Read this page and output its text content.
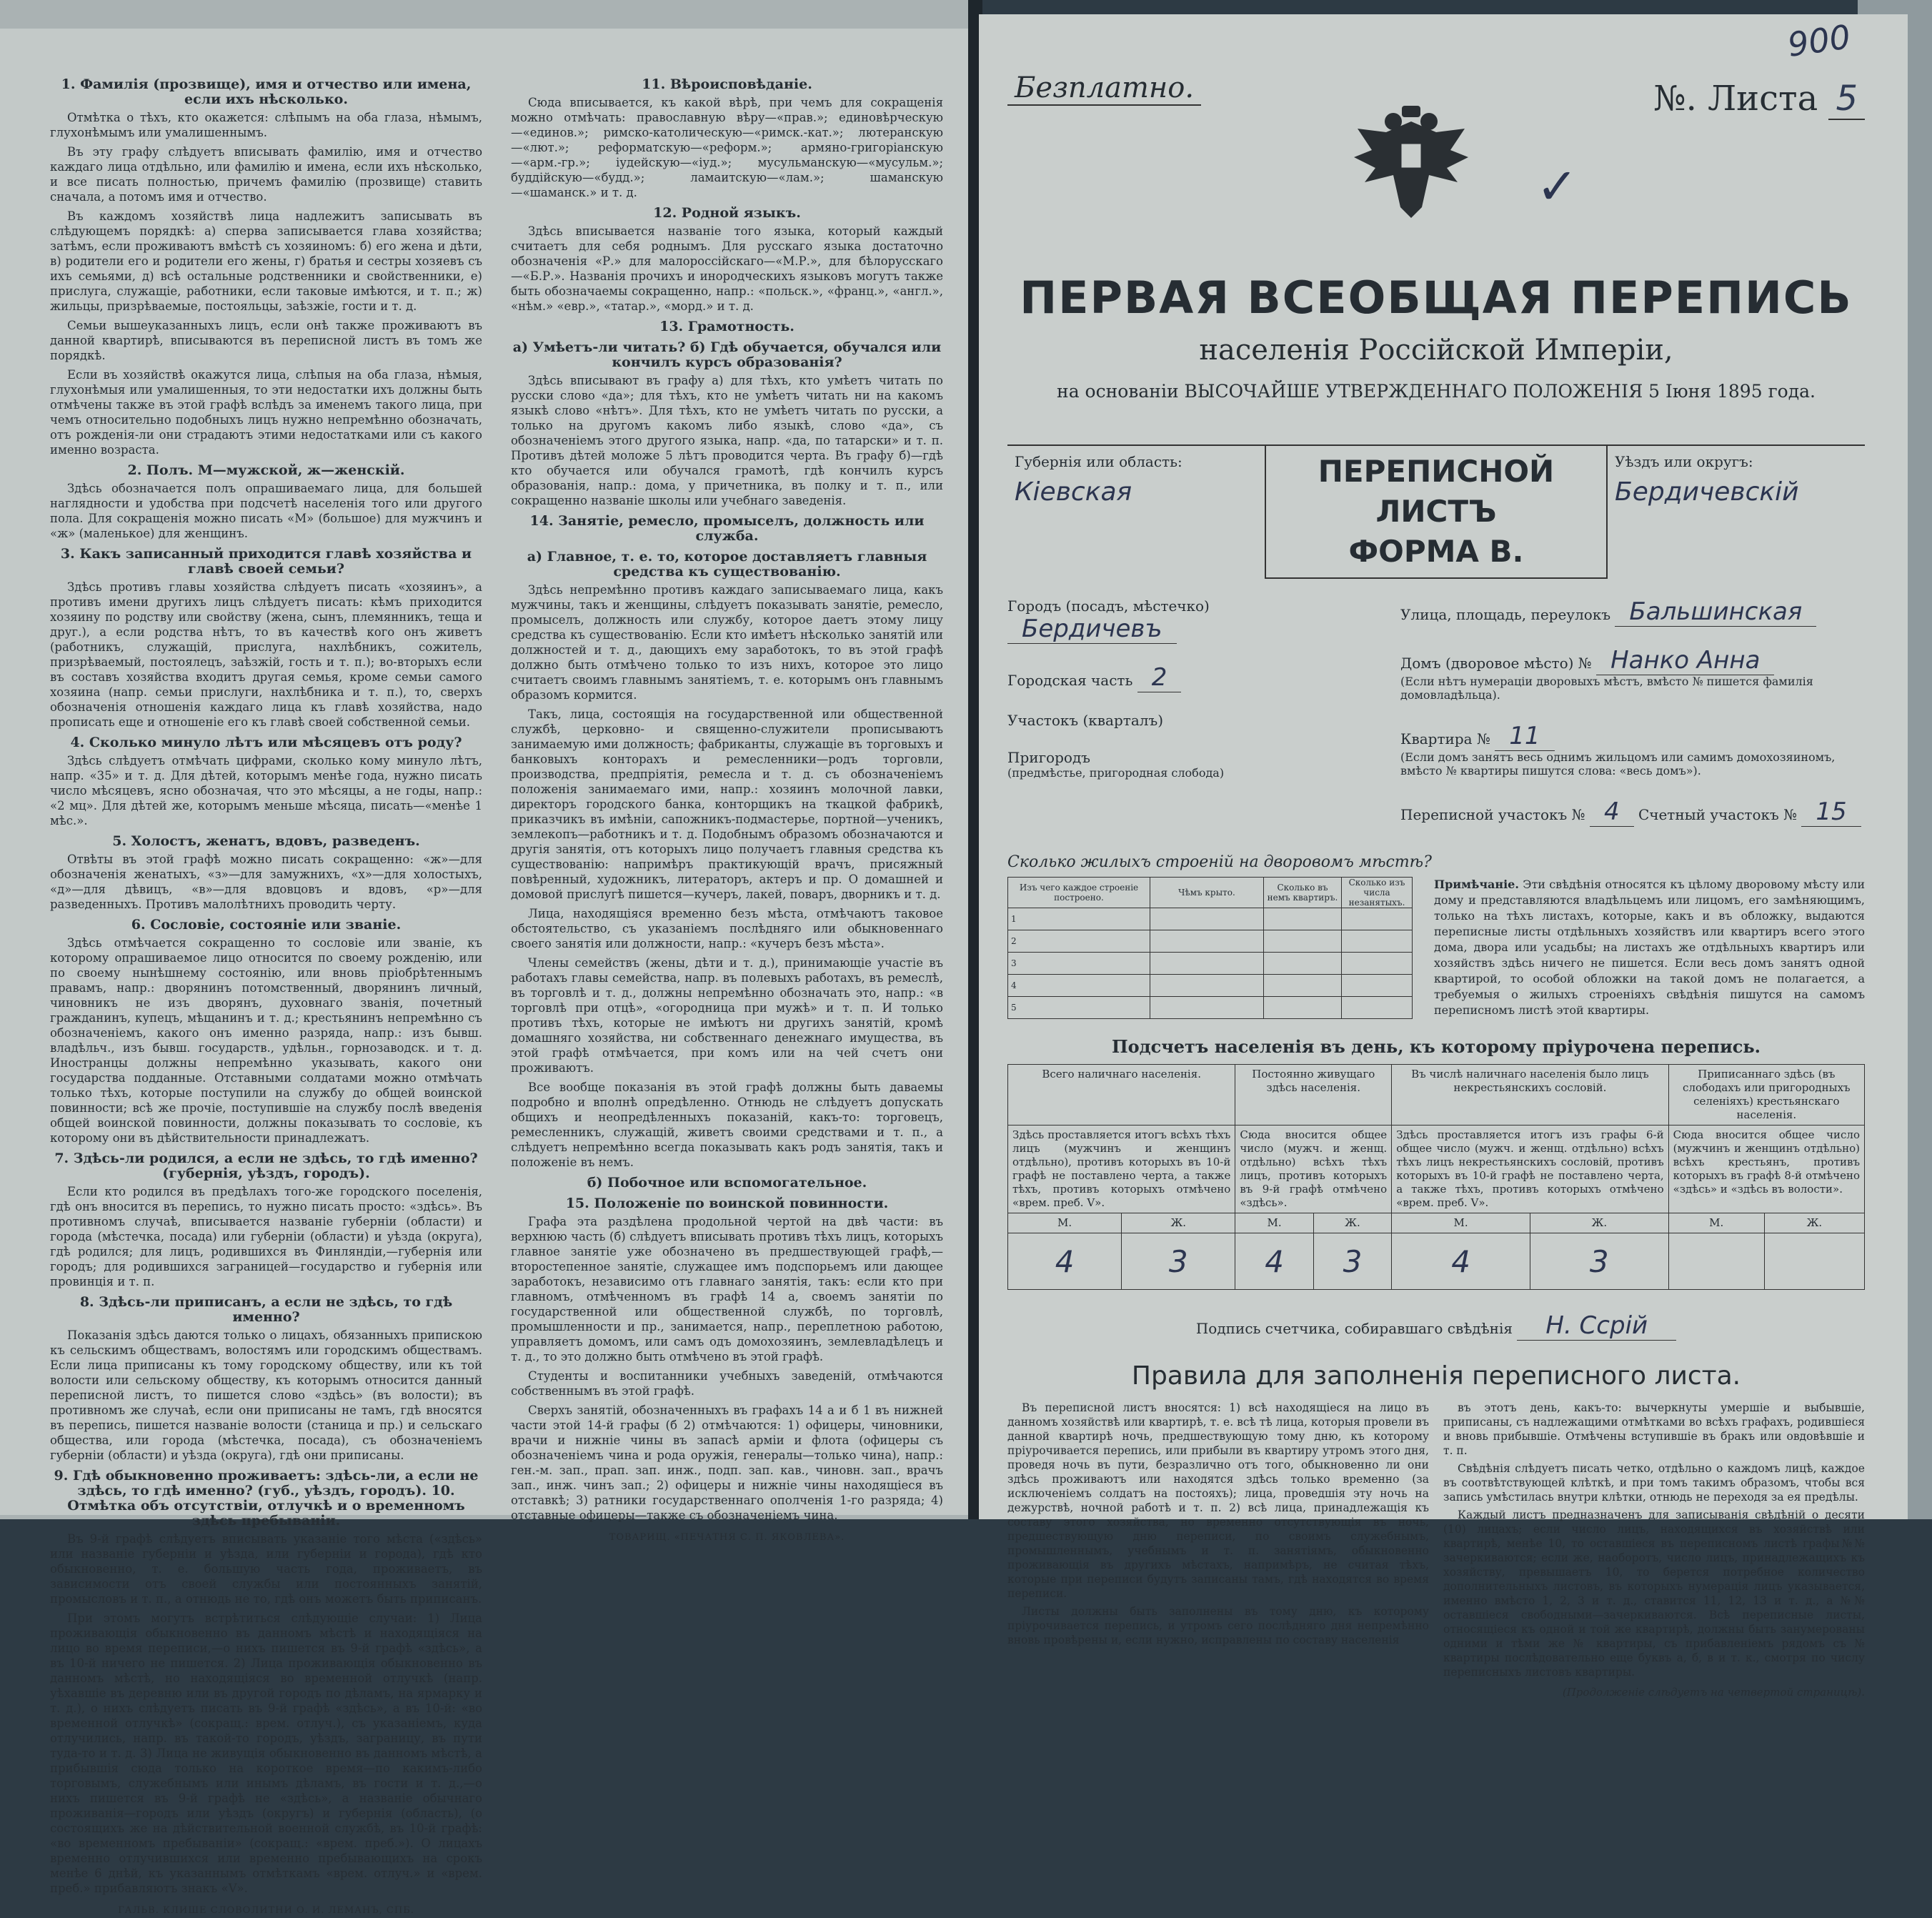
1. Фамилія (прозвище), имя и отчество или имена, если ихъ нѣсколько.

Отмѣтка о тѣхъ, кто окажется: слѣпымъ на оба глаза, нѣмымъ, глухонѣмымъ или умалишеннымъ.

Въ эту графу слѣдуетъ вписывать фамилію, имя и отчество каждаго лица отдѣльно, или фамилію и имена, если ихъ нѣсколько, и все писать полностью, причемъ фамилію (прозвище) ставить сначала, а потомъ имя и отчество.

Въ каждомъ хозяйствѣ лица надлежитъ записывать въ слѣдующемъ порядкѣ: а) сперва записывается глава хозяйства; затѣмъ, если проживаютъ вмѣстѣ съ хозяиномъ: б) его жена и дѣти, в) родители его и родители его жены, г) братья и сестры хозяевъ съ ихъ семьями, д) всѣ остальные родственники и свойственники, е) прислуга, служащіе, работники, если таковые имѣются, и т. п.; ж) жильцы, призрѣваемые, постояльцы, заѣзжіе, гости и т. д.

Семьи вышеуказанныхъ лицъ, если онѣ также проживаютъ въ данной квартирѣ, вписываются въ переписной листъ въ томъ же порядкѣ.

Если въ хозяйствѣ окажутся лица, слѣпыя на оба глаза, нѣмыя, глухонѣмыя или умалишенныя, то эти недостатки ихъ должны быть отмѣчены также въ этой графѣ вслѣдъ за именемъ такого лица, при чемъ относительно подобныхъ лицъ нужно непремѣнно обозначать, отъ рожденія-ли они страдаютъ этими недостатками или съ какого именно возраста.

2. Полъ. М—мужской, ж—женскій.

Здѣсь обозначается полъ опрашиваемаго лица, для большей наглядности и удобства при подсчетѣ населенія того или другого пола. Для сокращенія можно писать «М» (большое) для мужчинъ и «ж» (маленькое) для женщинъ.

3. Какъ записанный приходится главѣ хозяйства и главѣ своей семьи?

Здѣсь противъ главы хозяйства слѣдуетъ писать «хозяинъ», а противъ имени другихъ лицъ слѣдуетъ писать: кѣмъ приходится хозяину по родству или свойству (жена, сынъ, племянникъ, теща и друг.), а если родства нѣтъ, то въ качествѣ кого онъ живетъ (работникъ, служащій, прислуга, нахлѣбникъ, сожитель, призрѣваемый, постоялецъ, заѣзжій, гость и т. п.); во-вторыхъ если въ составъ хозяйства входитъ другая семья, кроме семьи самого хозяина (напр. семьи прислуги, нахлѣбника и т. п.), то, сверхъ обозначенія отношенія каждаго лица къ главѣ хозяйства, надо прописать еще и отношеніе его къ главѣ своей собственной семьи.

4. Сколько минуло лѣтъ или мѣсяцевъ отъ роду?

Здѣсь слѣдуетъ отмѣчать цифрами, сколько кому минуло лѣтъ, напр. «35» и т. д. Для дѣтей, которымъ менѣе года, нужно писать число мѣсяцевъ, ясно обозначая, что это мѣсяцы, а не годы, напр.: «2 мц». Для дѣтей же, которымъ меньше мѣсяца, писать—«менѣе 1 мѣс.».

5. Холостъ, женатъ, вдовъ, разведенъ.

Отвѣты въ этой графѣ можно писать сокращенно: «ж»—для обозначенія женатыхъ, «з»—для замужнихъ, «х»—для холостыхъ, «д»—для дѣвицъ, «в»—для вдовцовъ и вдовъ, «р»—для разведенныхъ. Противъ малолѣтнихъ проводить черту.

6. Сословіе, состояніе или званіе.

Здѣсь отмѣчается сокращенно то сословіе или званіе, къ которому опрашиваемое лицо относится по своему рожденію, или по своему нынѣшнему состоянію, или вновь пріобрѣтеннымъ правамъ, напр.: дворянинъ потомственный, дворянинъ личный, чиновникъ не изъ дворянъ, духовнаго званія, почетный гражданинъ, купецъ, мѣщанинъ и т. д.; крестьянинъ непремѣнно съ обозначеніемъ, какого онъ именно разряда, напр.: изъ бывш. владѣльч., изъ бывш. государств., удѣльн., горнозаводск. и т. д. Иностранцы должны непремѣнно указывать, какого они государства подданные. Отставными солдатами можно отмѣчать только тѣхъ, которые поступили на службу до общей воинской повинности; всѣ же прочіе, поступившіе на службу послѣ введенія общей воинской повинности, должны показывать то сословіе, къ которому они въ дѣйствительности принадлежатъ.

7. Здѣсь-ли родился, а если не здѣсь, то гдѣ именно? (губернія, уѣздъ, городъ).

Если кто родился въ предѣлахъ того-же городского поселенія, гдѣ онъ вносится въ перепись, то нужно писать просто: «здѣсь». Въ противномъ случаѣ, вписывается названіе губерніи (области) и города (мѣстечка, посада) или губерніи (области) и уѣзда (округа), гдѣ родился; для лицъ, родившихся въ Финляндіи,—губернія или городъ; для родившихся заграницей—государство и губернія или провинція и т. п.

8. Здѣсь-ли приписанъ, а если не здѣсь, то гдѣ именно?

Показанія здѣсь даются только о лицахъ, обязанныхъ припискою къ сельскимъ обществамъ, волостямъ или городскимъ обществамъ. Если лица приписаны къ тому городскому обществу, или къ той волости или сельскому обществу, къ которымъ относится данный переписной листъ, то пишется слово «здѣсь» (въ волости); въ противномъ же случаѣ, если они приписаны не тамъ, гдѣ вносятся въ перепись, пишется названіе волости (станица и пр.) и сельскаго общества, или города (мѣстечка, посада), съ обозначеніемъ губерніи (области) и уѣзда (округа), гдѣ они приписаны.

9. Гдѣ обыкновенно проживаетъ: здѣсь-ли, а если не здѣсь, то гдѣ именно? (губ., уѣздъ, городъ). 10. Отмѣтка объ отсутствіи, отлучкѣ и о временномъ здѣсь пребываніи.

Въ 9-й графѣ слѣдуетъ вписывать указаніе того мѣста («здѣсь» или названіе губерніи и уѣзда, или губерніи и города), гдѣ кто обыкновенно, т. е. большую часть года, проживаетъ, въ зависимости отъ своей службы или постоянныхъ занятій, промысловъ и т. п., а отнюдь не то, гдѣ онъ можетъ быть приписанъ.

При этомъ могутъ встрѣтиться слѣдующіе случаи: 1) Лица проживающія обыкновенно въ данномъ мѣстѣ и находящіяся на лицо во время переписи,—о нихъ пишется въ 9-й графѣ «здѣсь», а въ 10-й ничего не пишется. 2) Лица проживающія обыкновенно въ данномъ мѣстѣ, но находящіяся во временной отлучкѣ (напр. уѣхавшіе въ деревню или въ другой городъ по дѣламъ, на ярмарку и т. д.), о нихъ слѣдуетъ писать въ 9-й графѣ «здѣсь», а въ 10-й: «во временной отлучкѣ» (сокращ.: врем. отлуч.), съ указаніемъ, куда отлучились, напр. въ такой-то городъ, уѣздъ, заграницу, въ пути туда-то и т. д. 3) Лица не живущія обыкновенно въ данномъ мѣстѣ, а прибывшія сюда только на короткое время—по какимъ-либо торговымъ, служебнымъ или инымъ дѣламъ, въ гости и т. д.,—о нихъ пишется въ 9-й графѣ не «здѣсь», а названіе обычнаго проживанія—городъ или уѣздъ (округъ) и губернія (область), (о состоящихъ же на дѣйствительной военной службѣ, въ 10-й графѣ: «во временномъ пребываніи» (сокращ.: «врем. преб.»). О лицахъ временно отлучившихся или временно пребывающихъ на срокъ менѣе 6 днѣй, къ указаннымъ отмѣткамъ «врем. отлуч.» и «врем. преб.» прибавляютъ знакъ «V».

ГАЛЬВ. КЛИШЕ СЛОВОЛИТНИ О. И. ЛЕМАНЪ, СПБ.
11. Вѣроисповѣданіе.

Сюда вписывается, къ какой вѣрѣ, при чемъ для сокращенія можно отмѣчать: православную вѣру—«прав.»; единовѣрческую—«единов.»; римско-католическую—«римск.-кат.»; лютеранскую—«лют.»; реформатскую—«реформ.»; армяно-григоріанскую—«арм.-гр.»; іудейскую—«іуд.»; мусульманскую—«мусульм.»; буддійскую—«будд.»; ламаитскую—«лам.»; шаманскую—«шаманск.» и т. д.

12. Родной языкъ.

Здѣсь вписывается названіе того языка, который каждый считаетъ для себя роднымъ. Для русскаго языка достаточно обозначенія «Р.» для малороссійскаго—«М.Р.», для бѣлорусскаго—«Б.Р.». Названія прочихъ и инородческихъ языковъ могутъ также быть обозначаемы сокращенно, напр.: «польск.», «франц.», «англ.», «нѣм.» «евр.», «татар.», «морд.» и т. д.

13. Грамотность.
а) Умѣетъ-ли читать? б) Гдѣ обучается, обучался или кончилъ курсъ образованія?

Здѣсь вписывают въ графу а) для тѣхъ, кто умѣетъ читать по русски слово «да»; для тѣхъ, кто не умѣетъ читать ни на какомъ языкѣ слово «нѣтъ». Для тѣхъ, кто не умѣетъ читать по русски, а только на другомъ какомъ либо языкѣ, слово «да», съ обозначеніемъ этого другого языка, напр. «да, по татарски» и т. п. Противъ дѣтей моложе 5 лѣтъ проводится черта. Въ графу б)—гдѣ кто обучается или обучался грамотѣ, гдѣ кончилъ курсъ образованія, напр.: дома, у причетника, въ полку и т. п., или сокращенно названіе школы или учебнаго заведенія.

14. Занятіе, ремесло, промыселъ, должность или служба.
а) Главное, т. е. то, которое доставляетъ главныя средства къ существованію.

Здѣсь непремѣнно противъ каждаго записываемаго лица, какъ мужчины, такъ и женщины, слѣдуетъ показывать занятіе, ремесло, промыселъ, должность или службу, которое даетъ этому лицу средства къ существованію. Если кто имѣетъ нѣсколько занятій или должностей и т. д., дающихъ ему заработокъ, то въ этой графѣ должно быть отмѣчено только то изъ нихъ, которое это лицо считаетъ своимъ главнымъ занятіемъ, т. е. которымъ онъ главнымъ образомъ кормится.

Такъ, лица, состоящія на государственной или общественной службѣ, церковно- и священно-служители прописываютъ занимаемую ими должность; фабриканты, служащіе въ торговыхъ и банковыхъ конторахъ и ремесленники—родъ торговли, производства, предпріятія, ремесла и т. д. съ обозначеніемъ положенія занимаемаго ими, напр.: хозяинъ молочной лавки, директоръ городского банка, конторщикъ на ткацкой фабрикѣ, приказчикъ въ имѣніи, сапожникъ-подмастерье, портной—ученикъ, землекопъ—работникъ и т. д. Подобнымъ образомъ обозначаются и другія занятія, отъ которыхъ лицо получаетъ главныя средства къ существованію: напримѣръ практикующій врачъ, присяжный повѣренный, художникъ, литераторъ, актеръ и пр. О домашней и домовой прислугѣ пишется—кучеръ, лакей, поваръ, дворникъ и т. д.

Лица, находящіяся временно безъ мѣста, отмѣчаютъ таковое обстоятельство, съ указаніемъ послѣдняго или обыкновеннаго своего занятія или должности, напр.: «кучеръ безъ мѣста».

Члены семействъ (жены, дѣти и т. д.), принимающіе участіе въ работахъ главы семейства, напр. въ полевыхъ работахъ, въ ремеслѣ, въ торговлѣ и т. д., должны непремѣнно обозначать это, напр.: «в торговлѣ при отцѣ», «огородница при мужѣ» и т. п. И только противъ тѣхъ, которые не имѣютъ ни другихъ занятій, кромѣ домашняго хозяйства, ни собственнаго денежнаго имущества, въ этой графѣ отмѣчается, при комъ или на чей счетъ они проживаютъ.

Все вообще показанія въ этой графѣ должны быть даваемы подробно и вполнѣ опредѣленно. Отнюдь не слѣдуетъ допускать общихъ и неопредѣленныхъ показаній, какъ-то: торговецъ, ремесленникъ, служащій, живетъ своими средствами и т. п., а слѣдуетъ непремѣнно всегда показывать какъ родъ занятія, такъ и положеніе въ немъ.

б) Побочное или вспомогательное.
15. Положеніе по воинской повинности.

Графа эта раздѣлена продольной чертой на двѣ части: въ верхнюю часть (б) слѣдуетъ вписывать противъ тѣхъ лицъ, которыхъ главное занятіе уже обозначено въ предшествующей графѣ,—второстепенное занятіе, служащее имъ подспорьемъ или дающее заработокъ, независимо отъ главнаго занятія, такъ: если кто при главномъ, отмѣченномъ въ графѣ 14 а, своемъ занятіи по государственной или общественной службѣ, по торговлѣ, промышленности и пр., занимается, напр., переплетною работою, управляетъ домомъ, или самъ одъ домохозяинъ, землевладѣлецъ и т. д., то это должно быть отмѣчено въ этой графѣ.

Студенты и воспитанники учебныхъ заведеній, отмѣчаются собственнымъ въ этой графѣ.

Сверхъ занятій, обозначенныхъ въ графахъ 14 а и б 1 въ нижней части этой 14-й графы (б 2) отмѣчаются: 1) офицеры, чиновники, врачи и нижніе чины въ запасѣ арміи и флота (офицеры съ обозначеніемъ чина и рода оружія, генералы—только чина), напр.: ген.-м. зап., прап. зап. инж., подп. зап. кав., чиновн. зап., врачъ зап., инж. чинъ зап.; 2) офицеры и нижніе чины находящіеся въ отставкѣ; 3) ратники государственнаго ополченія 1-го разряда; 4) отставные офицеры—также съ обозначеніемъ чина.

ТОВАРИЩ. «ПЕЧАТНЯ С. П. ЯКОВЛЕВА».
900
Безплатно.	№. Листа 5
✓
ПЕРВАЯ ВСЕОБЩАЯ ПЕРЕПИСЬ
населенія Россійской Имперіи,
на основаніи ВЫСОЧАЙШЕ УТВЕРЖДЕННАГО ПОЛОЖЕНІЯ 5 Іюня 1895 года.
Губернія или область:
Кіевская
ПЕРЕПИСНОЙ ЛИСТЪ
ФОРМА В.
Уѣздъ или округъ:
Бердичевскій
Городъ (посадъ, мѣстечко) Бердичевъ
Городская часть 2
Участокъ (кварталъ)
Пригородъ
(предмѣстье, пригородная слобода)
Улица, площадь, переулокъ Бальшинская
Домъ (дворовое мѣсто) № Нанко Анна
(Если нѣтъ нумераціи дворовыхъ мѣстъ, вмѣсто № пишется фамилія домовладѣльца).
Квартира № 11
(Если домъ занятъ весь однимъ жильцомъ или самимъ домохозяиномъ, вмѣсто № квартиры пишутся слова: «весь домъ»).
Переписной участокъ № 4 Счетный участокъ № 15
Сколько жилыхъ строеній на дворовомъ мѣстѣ?
Изъ чего каждое строеніе построено.	Чѣмъ крыто.	Сколько въ немъ квартиръ.	Сколько изъ числа незанятыхъ.
1			
2			
3			
4			
5			
Примѣчаніе. Эти свѣдѣнія относятся къ цѣлому дворовому мѣсту или дому и представляются владѣльцемъ или лицомъ, его замѣняющимъ, только на тѣхъ листахъ, которые, какъ и въ обложку, выдаются переписные листы отдѣльныхъ хозяйствъ или квартиръ всего этого дома, двора или усадьбы; на листахъ же отдѣльныхъ квартиръ или хозяйствъ здѣсь ничего не пишется. Если весь домъ занятъ одной квартирой, то особой обложки на такой домъ не полагается, а требуемыя о жилыхъ строеніяхъ свѣдѣнія пишутся на самомъ переписномъ листѣ этой квартиры.
Подсчетъ населенія въ день, къ которому пріурочена перепись.
Всего наличнаго населенія.		Постоянно живущаго здѣсь населенія.		Въ числѣ наличнаго населенія было лицъ некрестьянскихъ сословій.		Приписаннаго здѣсь (въ слободахъ или пригородныхъ селеніяхъ) крестьянскаго населенія.	
Здѣсь проставляется итогъ всѣхъ тѣхъ лицъ (мужчинъ и женщинъ отдѣльно), противъ которыхъ въ 10-й графѣ не поставлено черта, а также тѣхъ, противъ которыхъ отмѣчено «врем. преб. V».		Сюда вносится общее число (мужч. и женщ. отдѣльно) всѣхъ тѣхъ лицъ, противъ которыхъ въ 9-й графѣ отмѣчено «здѣсь».		Здѣсь проставляется итогъ изъ графы 6-й общее число (мужч. и женщ. отдѣльно) всѣхъ тѣхъ лицъ некрестьянскихъ сословій, противъ которыхъ въ 10-й графѣ не поставлено черта, а также тѣхъ, противъ которыхъ отмѣчено «врем. преб. V».		Сюда вносится общее число (мужчинъ и женщинъ отдѣльно) всѣхъ крестьянъ, противъ которыхъ въ графѣ 8-й отмѣчено «здѣсь» и «здѣсь въ волости».	
М.	Ж.	М.	Ж.	М.	Ж.	М.	Ж.
4	3	4	3	4	3		
Подпись счетчика, собиравшаго свѣдѣнія Н. Ссрій
Правила для заполненія переписного листа.

Въ переписной листъ вносятся: 1) всѣ находящіеся на лицо въ данномъ хозяйствѣ или квартирѣ, т. е. всѣ тѣ лица, которыя провели въ данной квартирѣ ночь, предшествующую тому дню, къ которому пріурочивается перепись, или прибыли въ квартиру утромъ этого дня, проведя ночь въ пути, безразлично отъ того, обыкновенно ли они здѣсь проживаютъ или находятся здѣсь только временно (за исключеніемъ солдатъ на постояхъ); лица, проведшія эту ночь на дежурствѣ, ночной работѣ и т. п. 2) всѣ лица, принадлежащія къ составу этого хозяйства, но временно отсутствующія въ ночь, предшествующую дню переписи, по своимъ служебнымъ, промышленнымъ, учебнымъ и т. п. занятіямъ, обыкновенно проживающія въ другихъ мѣстахъ, напримѣръ, не считая тѣхъ, которые при переписи будутъ записаны тамъ, гдѣ находятся во время переписи.

Листы должны быть заполнены въ тому дню, къ которому пріурочивается перепись, и утромъ сего послѣдняго дня непремѣнно вновь провѣрены и, если нужно, исправлены по составу населенія

въ этотъ день, какъ-то: вычеркнуты умершіе и выбывшіе, приписаны, съ надлежащими отмѣтками во всѣхъ графахъ, родившіеся и вновь прибывшіе. Отмѣчены вступившіе въ бракъ или овдовѣвшіе и т. п.

Свѣдѣнія слѣдуетъ писать четко, отдѣльно о каждомъ лицѣ, каждое въ соотвѣтствующей клѣткѣ, и при томъ такимъ образомъ, чтобы вся запись умѣстилась внутри клѣтки, отнюдь не переходя за ея предѣлы.

Каждый листъ предназначенъ для записыванія свѣдѣній о десяти (10) лицахъ; если число лицъ, находящихся въ хозяйствѣ или квартирѣ, менѣе 10, то оставшіеся въ переписномъ листѣ графы№№ зачеркиваются; если же, наоборотъ, число лицъ, принадлежащихъ къ хозяйству, превышаетъ 10, то берется потребное количество дополнительныхъ листовъ, въ которыхъ нумерація лицъ указывается, именно вмѣсто 1, 2, 3 и т. д., ставится 11, 12, 13 и т. д., а №№ оставшіеся свободными—зачеркиваются. Всѣ переписные листы, относящіеся къ одной и той же квартирѣ, должны быть занумерованы одними и тѣми же № квартиры, съ прибавленіемъ рядомъ съ № квартиры послѣдовательно еще буквъ а, б, в и т. к., смотря по числу переписныхъ листовъ квартиры.

(Продолженіе слѣдуетъ на четвертой страницѣ).
